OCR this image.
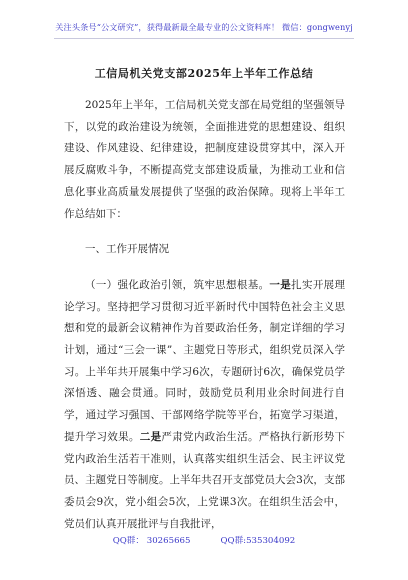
关注头条号“公文研究”，获得最新最全最专业的公文资料库！ 微信：gongwenyj
工信局机关党支部2025年上半年工作总结

2025年上半年，工信局机关党支部在局党组的坚强领导下，以党的政治建设为统领，全面推进党的思想建设、组织建设、作风建设、纪律建设，把制度建设贯穿其中，深入开展反腐败斗争，不断提高党支部建设质量，为推动工业和信息化事业高质量发展提供了坚强的政治保障。现将上半年工作总结如下：

一、工作开展情况

（一）强化政治引领，筑牢思想根基。一是扎实开展理论学习。坚持把学习贯彻习近平新时代中国特色社会主义思想和党的最新会议精神作为首要政治任务，制定详细的学习计划，通过“三会一课”、主题党日等形式，组织党员深入学习。上半年共开展集中学习6次，专题研讨6次，确保党员学深悟透、融会贯通。同时，鼓励党员利用业余时间进行自学，通过学习强国、干部网络学院等平台，拓宽学习渠道，提升学习效果。二是严肃党内政治生活。严格执行新形势下党内政治生活若干准则，认真落实组织生活会、民主评议党员、主题党日等制度。上半年共召开支部党员大会3次，支部委员会9次，党小组会5次，上党课3次。在组织生活会中，党员们认真开展批评与自我批评，

QQ群： 30265665	QQ群:535304092
